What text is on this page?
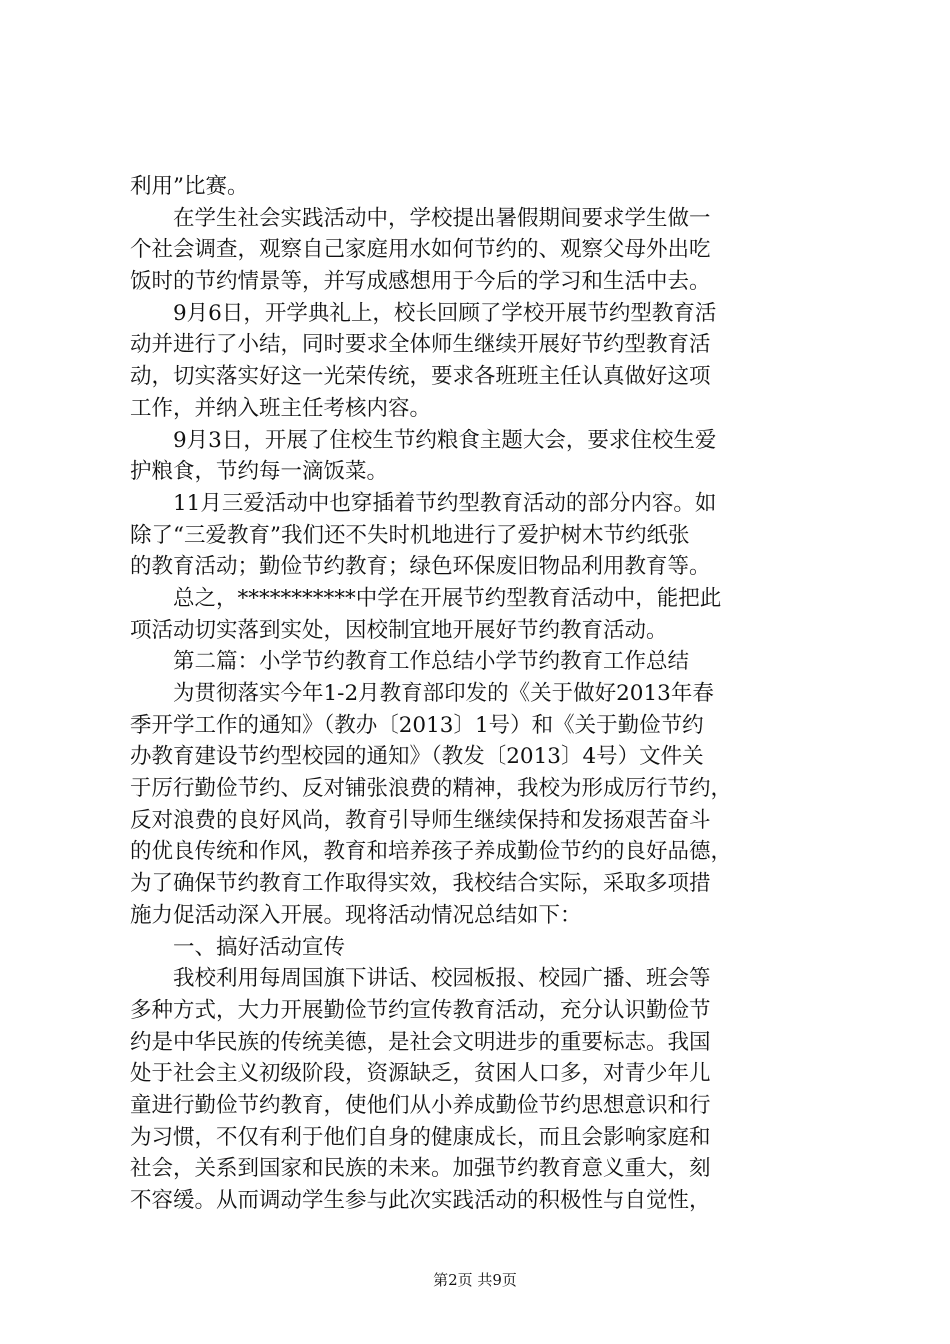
利用”比赛。
　　在学生社会实践活动中，学校提出暑假期间要求学生做一
个社会调查，观察自己家庭用水如何节约的、观察父母外出吃
饭时的节约情景等，并写成感想用于今后的学习和生活中去。
　　9月6日，开学典礼上，校长回顾了学校开展节约型教育活
动并进行了小结，同时要求全体师生继续开展好节约型教育活
动，切实落实好这一光荣传统，要求各班班主任认真做好这项
工作，并纳入班主任考核内容。
　　9月3日，开展了住校生节约粮食主题大会，要求住校生爱
护粮食，节约每一滴饭菜。
　　11月三爱活动中也穿插着节约型教育活动的部分内容。如
除了“三爱教育”我们还不失时机地进行了爱护树木节约纸张
的教育活动；勤俭节约教育；绿色环保废旧物品利用教育等。
　　总之，***********中学在开展节约型教育活动中，能把此
项活动切实落到实处，因校制宜地开展好节约教育活动。
　　第二篇：小学节约教育工作总结小学节约教育工作总结
　　为贯彻落实今年1-2月教育部印发的《关于做好2013年春
季开学工作的通知》（教办〔2013〕1号）和《关于勤俭节约
办教育建设节约型校园的通知》（教发〔2013〕4号）文件关
于厉行勤俭节约、反对铺张浪费的精神，我校为形成厉行节约，
反对浪费的良好风尚，教育引导师生继续保持和发扬艰苦奋斗
的优良传统和作风，教育和培养孩子养成勤俭节约的良好品德，
为了确保节约教育工作取得实效，我校结合实际，采取多项措
施力促活动深入开展。现将活动情况总结如下：
　　一、搞好活动宣传
　　我校利用每周国旗下讲话、校园板报、校园广播、班会等
多种方式，大力开展勤俭节约宣传教育活动，充分认识勤俭节
约是中华民族的传统美德，是社会文明进步的重要标志。我国
处于社会主义初级阶段，资源缺乏，贫困人口多，对青少年儿
童进行勤俭节约教育，使他们从小养成勤俭节约思想意识和行
为习惯，不仅有利于他们自身的健康成长，而且会影响家庭和
社会，关系到国家和民族的未来。加强节约教育意义重大，刻
不容缓。从而调动学生参与此次实践活动的积极性与自觉性，
第2页 共9页
